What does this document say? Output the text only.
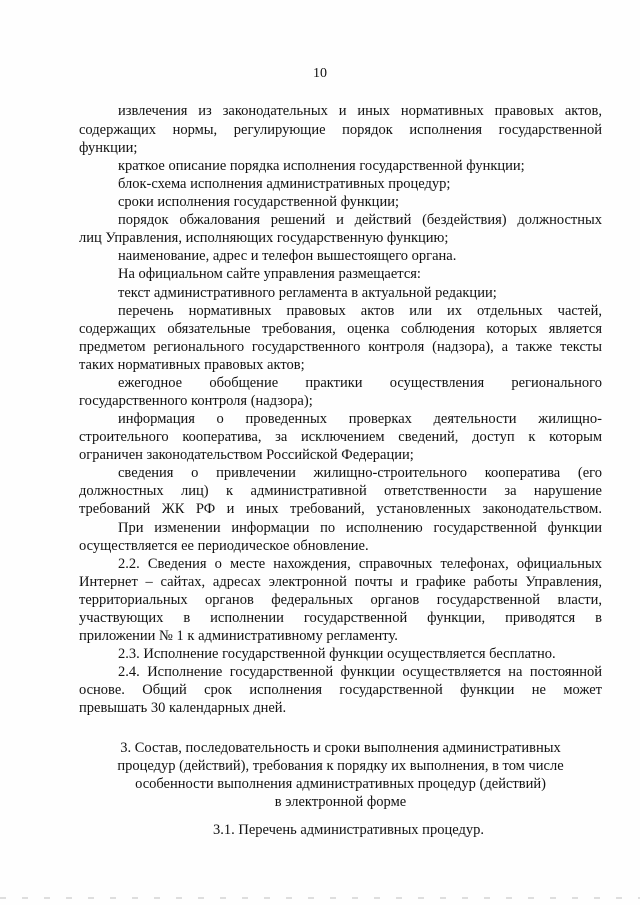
10
извлечения из законодательных и иных нормативных правовых актов,
содержащих нормы, регулирующие порядок исполнения государственной
функции;
краткое описание порядка исполнения государственной функции;
блок-схема исполнения административных процедур;
сроки исполнения государственной функции;
порядок обжалования решений и действий (бездействия) должностных
лиц Управления, исполняющих государственную функцию;
наименование, адрес и телефон вышестоящего органа.
На официальном сайте управления размещается:
текст административного регламента в актуальной редакции;
перечень нормативных правовых актов или их отдельных частей,
содержащих обязательные требования, оценка соблюдения которых является
предметом регионального государственного контроля (надзора), а также тексты
таких нормативных правовых актов;
ежегодное обобщение практики осуществления регионального
государственного контроля (надзора);
информация о проведенных проверках деятельности жилищно-
строительного кооператива, за исключением сведений, доступ к которым
ограничен законодательством Российской Федерации;
сведения о привлечении жилищно-строительного кооператива (его
должностных лиц) к административной ответственности за нарушение
требований ЖК РФ и иных требований, установленных законодательством.
При изменении информации по исполнению государственной функции
осуществляется ее периодическое обновление.
2.2. Сведения о месте нахождения, справочных телефонах, официальных
Интернет – сайтах, адресах электронной почты и графике работы Управления,
территориальных органов федеральных органов государственной власти,
участвующих в исполнении государственной функции, приводятся в
приложении № 1 к административному регламенту.
2.3. Исполнение государственной функции осуществляется бесплатно.
2.4. Исполнение государственной функции осуществляется на постоянной
основе. Общий срок исполнения государственной функции не может
превышать 30 календарных дней.
3. Состав, последовательность и сроки выполнения административных
процедур (действий), требования к порядку их выполнения, в том числе
особенности выполнения административных процедур (действий)
в электронной форме
3.1. Перечень административных процедур.
